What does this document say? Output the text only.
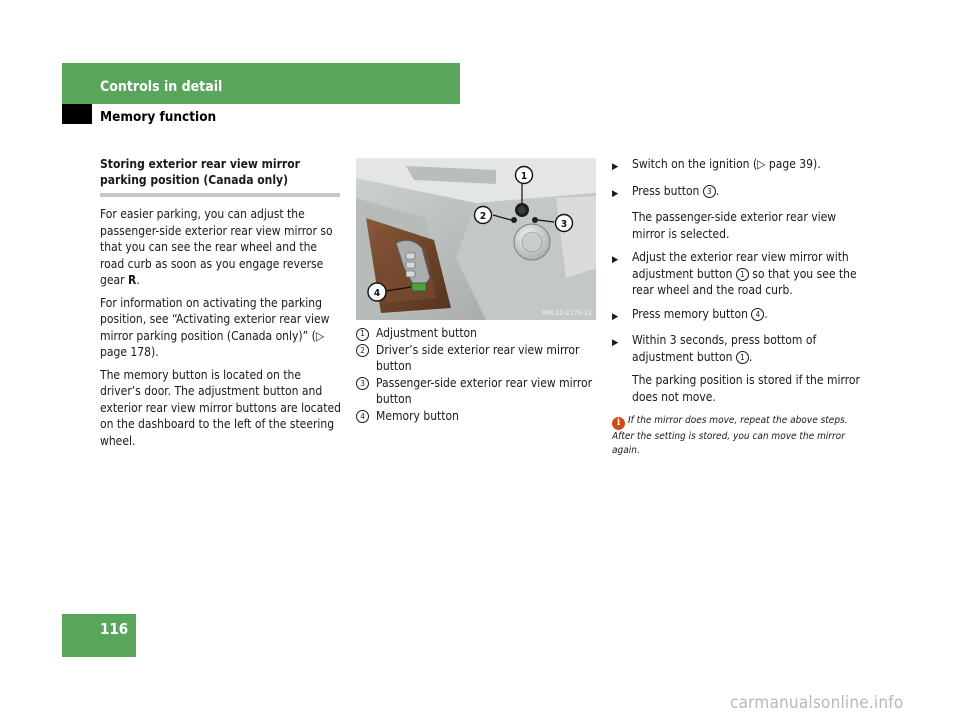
Controls in detail
Memory function
Storing exterior rear view mirror parking position (Canada only)

For easier parking, you can adjust the passenger-side exterior rear view mirror so that you can see the rear wheel and the road curb as soon as you engage reverse gear R.

For information on activating the parking position, see “Activating exterior rear view mirror parking position (Canada only)” (▷ page 178).

The memory button is located on the driver’s door. The adjustment button and exterior rear view mirror buttons are located on the dashboard to the left of the steering wheel.

1
2
3
4
P68.20-2179-31
1 Adjustment button
2 Driver’s side exterior rear view mirror button
3 Passenger-side exterior rear view mirror button
4 Memory button
▶	Switch on the ignition (▷ page 39).
▶	Press button 3 .
The passenger-side exterior rear view mirror is selected.
▶	Adjust the exterior rear view mirror with adjustment button 1 so that you see the rear wheel and the road curb.
▶	Press memory button 4 .
▶	Within 3 seconds, press bottom of adjustment button 1 .
The parking position is stored if the mirror does not move.
i If the mirror does move, repeat the above steps. After the setting is stored, you can move the mirror again.
116
carmanualsonline.info
